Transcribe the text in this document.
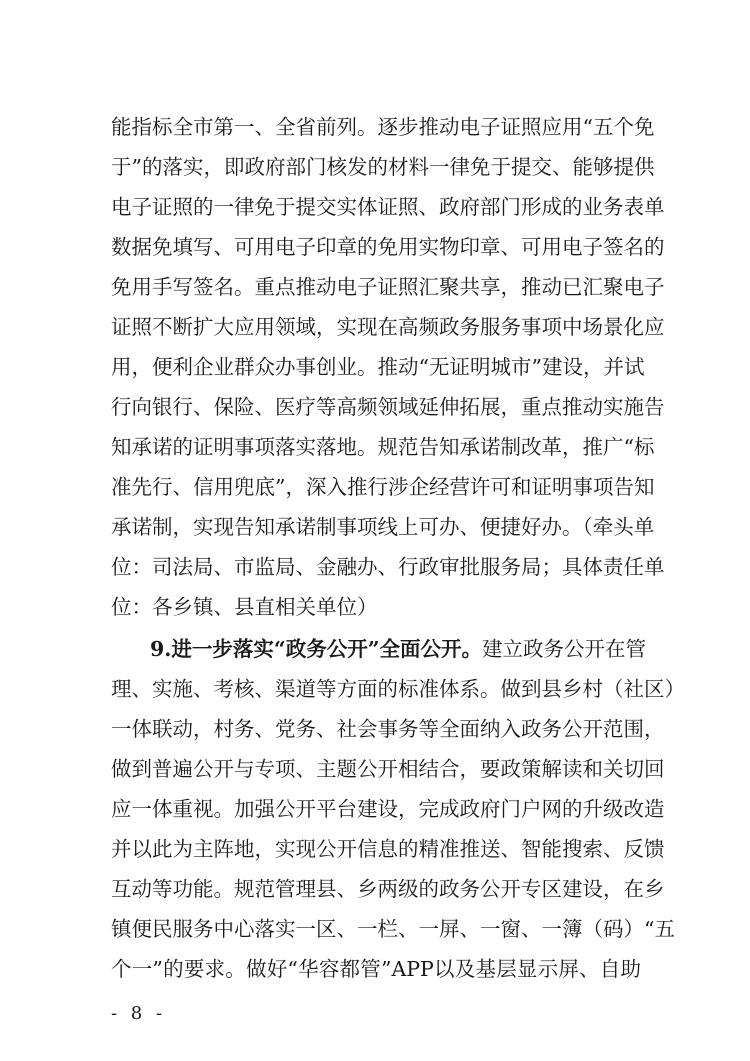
能指标全市第一、全省前列。逐步推动电子证照应用“五个免
于”的落实，即政府部门核发的材料一律免于提交、能够提供
电子证照的一律免于提交实体证照、政府部门形成的业务表单
数据免填写、可用电子印章的免用实物印章、可用电子签名的
免用手写签名。重点推动电子证照汇聚共享，推动已汇聚电子
证照不断扩大应用领域，实现在高频政务服务事项中场景化应
用，便利企业群众办事创业。推动“无证明城市”建设，并试
行向银行、保险、医疗等高频领域延伸拓展，重点推动实施告
知承诺的证明事项落实落地。规范告知承诺制改革，推广“标
准先行、信用兜底”，深入推行涉企经营许可和证明事项告知
承诺制，实现告知承诺制事项线上可办、便捷好办。（牵头单
位：司法局、市监局、金融办、行政审批服务局；具体责任单
位：各乡镇、县直相关单位）
9.进一步落实“政务公开”全面公开。建立政务公开在管
理、实施、考核、渠道等方面的标准体系。做到县乡村（社区）
一体联动，村务、党务、社会事务等全面纳入政务公开范围，
做到普遍公开与专项、主题公开相结合，要政策解读和关切回
应一体重视。加强公开平台建设，完成政府门户网的升级改造
并以此为主阵地，实现公开信息的精准推送、智能搜索、反馈
互动等功能。规范管理县、乡两级的政务公开专区建设，在乡
镇便民服务中心落实一区、一栏、一屏、一窗、一簿（码）“五
个一”的要求。做好“华容都管”APP以及基层显示屏、自助
- 8 -
